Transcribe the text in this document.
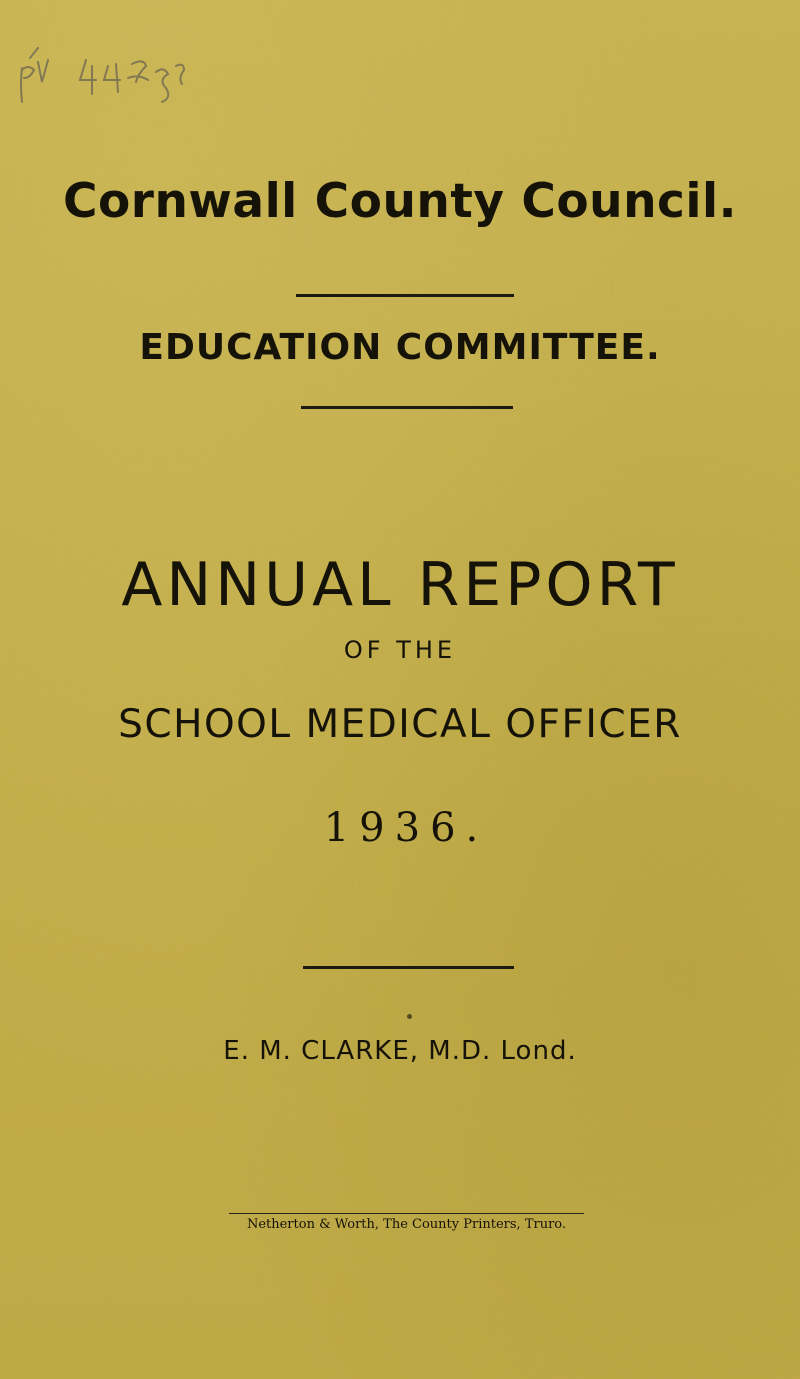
Cornwall County Council.
EDUCATION COMMITTEE.
ANNUAL REPORT
OF THE
SCHOOL MEDICAL OFFICER
1936.
E. M. CLARKE, M.D. Lond.
Netherton & Worth, The County Printers, Truro.
